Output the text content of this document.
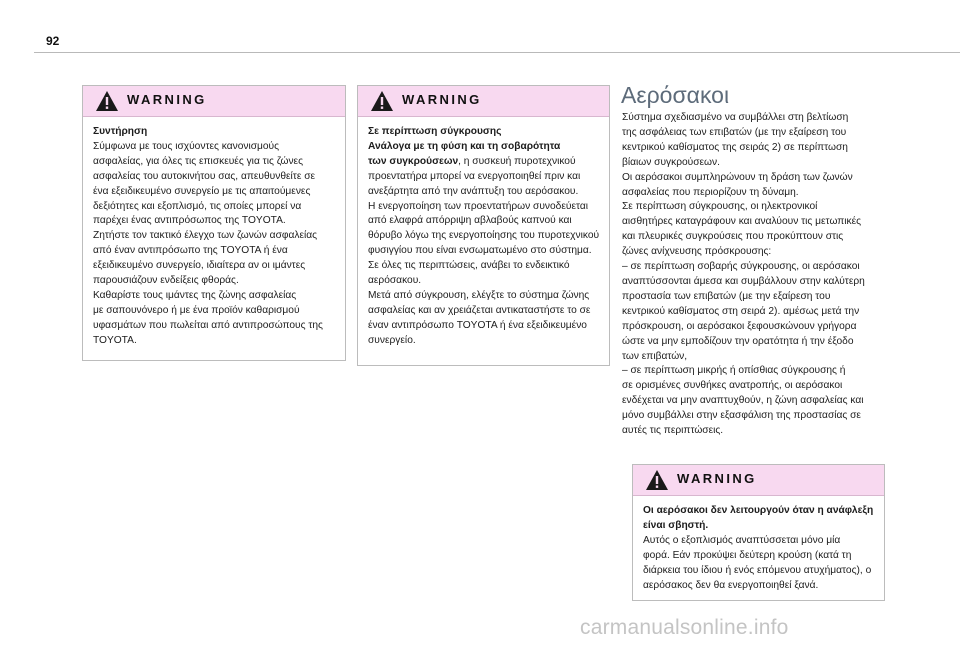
92
WARNING
Συντήρηση
Σύμφωνα με τους ισχύοντες κανονισμούς
ασφαλείας, για όλες τις επισκευές για τις ζώνες
ασφαλείας του αυτοκινήτου σας, απευθυνθείτε σε
ένα εξειδικευμένο συνεργείο με τις απαιτούμενες
δεξιότητες και εξοπλισμό, τις οποίες μπορεί να
παρέχει ένας αντιπρόσωπος της TOYOTA.
Ζητήστε τον τακτικό έλεγχο των ζωνών ασφαλείας
από έναν αντιπρόσωπο της TOYOTA ή ένα
εξειδικευμένο συνεργείο, ιδιαίτερα αν οι ιμάντες
παρουσιάζουν ενδείξεις φθοράς.
Καθαρίστε τους ιμάντες της ζώνης ασφαλείας
με σαπουνόνερο ή με ένα προϊόν καθαρισμού
υφασμάτων που πωλείται από αντιπροσώπους της
TOYOTA.
WARNING
Σε περίπτωση σύγκρουσης
Ανάλογα με τη φύση και τη σοβαρότητα
των συγκρούσεων, η συσκευή πυροτεχνικού
προεντατήρα μπορεί να ενεργοποιηθεί πριν και
ανεξάρτητα από την ανάπτυξη του αερόσακου.
Η ενεργοποίηση των προεντατήρων συνοδεύεται
από ελαφρά απόρριψη αβλαβούς καπνού και
θόρυβο λόγω της ενεργοποίησης του πυροτεχνικού
φυσιγγίου που είναι ενσωματωμένο στο σύστημα.
Σε όλες τις περιπτώσεις, ανάβει το ενδεικτικό
αερόσακου.
Μετά από σύγκρουση, ελέγξτε το σύστημα ζώνης
ασφαλείας και αν χρειάζεται αντικαταστήστε το σε
έναν αντιπρόσωπο TOYOTA ή ένα εξειδικευμένο
συνεργείο.
Αερόσακοι
Σύστημα σχεδιασμένο να συμβάλλει στη βελτίωση
της ασφάλειας των επιβατών (με την εξαίρεση του
κεντρικού καθίσματος της σειράς 2) σε περίπτωση
βίαιων συγκρούσεων.
Οι αερόσακοι συμπληρώνουν τη δράση των ζωνών
ασφαλείας που περιορίζουν τη δύναμη.
Σε περίπτωση σύγκρουσης, οι ηλεκτρονικοί
αισθητήρες καταγράφουν και αναλύουν τις μετωπικές
και πλευρικές συγκρούσεις που προκύπτουν στις
ζώνες ανίχνευσης πρόσκρουσης:
– σε περίπτωση σοβαρής σύγκρουσης, οι αερόσακοι
αναπτύσσονται άμεσα και συμβάλλουν στην καλύτερη
προστασία των επιβατών (με την εξαίρεση του
κεντρικού καθίσματος στη σειρά 2). αμέσως μετά την
πρόσκρουση, οι αερόσακοι ξεφουσκώνουν γρήγορα
ώστε να μην εμποδίζουν την ορατότητα ή την έξοδο
των επιβατών,
– σε περίπτωση μικρής ή οπίσθιας σύγκρουσης ή
σε ορισμένες συνθήκες ανατροπής, οι αερόσακοι
ενδέχεται να μην αναπτυχθούν, η ζώνη ασφαλείας και
μόνο συμβάλλει στην εξασφάλιση της προστασίας σε
αυτές τις περιπτώσεις.
WARNING
Οι αερόσακοι δεν λειτουργούν όταν η ανάφλεξη
είναι σβηστή.
Αυτός ο εξοπλισμός αναπτύσσεται μόνο μία
φορά. Εάν προκύψει δεύτερη κρούση (κατά τη
διάρκεια του ίδιου ή ενός επόμενου ατυχήματος), ο
αερόσακος δεν θα ενεργοποιηθεί ξανά.
carmanualsonline.info
